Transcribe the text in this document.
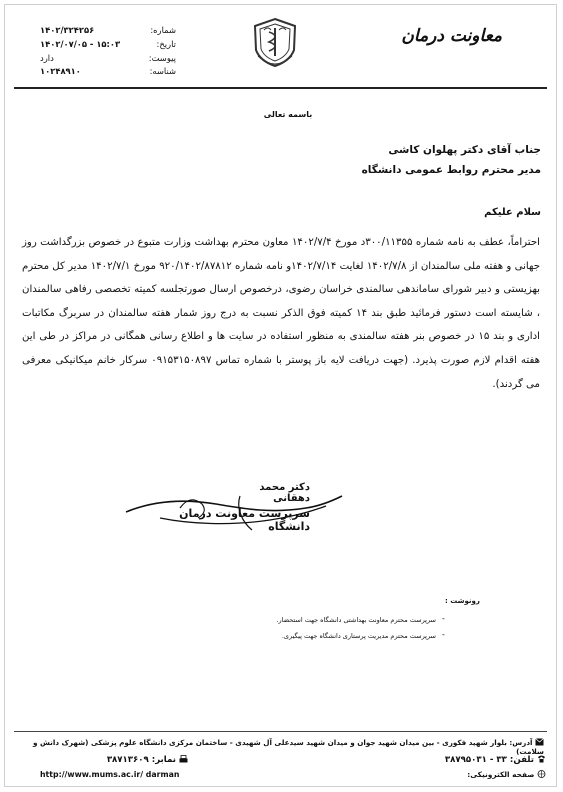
معاونت درمان
۱۴۰۲/۳۲۴۲۵۶	شماره:
۱۴۰۲/۰۷/۰۵ - ۱۵:۰۳	تاریخ:
دارد	پیوست:
۱۰۲۴۸۹۱۰	شناسه:
باسمه تعالی
جناب آقای دکتر پهلوان کاشی
مدیر محترم روابط عمومی دانشگاه
سلام علیکم
احتراماً، عطف به نامه شماره ۳۰۰/۱۱۳۵۵د مورخ ۱۴۰۲/۷/۴ معاون محترم بهداشت وزارت متبوع در خصوص بزرگداشت روز جهانی و هفته ملی سالمندان از ۱۴۰۲/۷/۸ لغایت ۱۴۰۲/۷/۱۴و نامه شماره ۹۲۰/۱۴۰۲/۸۷۸۱۲ مورخ ۱۴۰۲/۷/۱ مدیر کل محترم بهزیستی و دبیر شورای ساماندهی سالمندی خراسان رضوی، درخصوص ارسال صورتجلسه کمیته تخصصی رفاهی سالمندان ، شایسته است دستور فرمائید طبق بند ۱۴ کمیته فوق الذکر نسبت به درج روز شمار هفته سالمندان در سربرگ مکاتبات اداری و بند ۱۵ در خصوص بنر هفته سالمندی به منظور استفاده در سایت ها و اطلاع رسانی همگانی در مراکز در طی این هفته اقدام لازم صورت پذیرد. (جهت دریافت لایه باز پوستر با شماره تماس ۰۹۱۵۳۱۵۰۸۹۷ سرکار خانم میکانیکی معرفی می گردند).
دکتر محمد دهقانی
سرپرست معاونت درمان دانشگاه
رونوشت :
-
سرپرست محترم معاونت بهداشتی دانشگاه جهت استحضار.
-
سرپرست محترم مدیریت پرستاری دانشگاه جهت پیگیری.
آدرس: بلوار شهید فکوری - بین میدان شهید جوان و میدان شهید سیدعلی آل شهیدی - ساختمان مرکزی دانشگاه علوم پزشکی (شهرک دانش و سلامت)
تلفن: ۳۳ - ۳۸۷۹۵۰۳۱
نمابر: ۳۸۷۱۳۶۰۹
صفحه الکترونیکی:
http://www.mums.ac.ir/ darman
